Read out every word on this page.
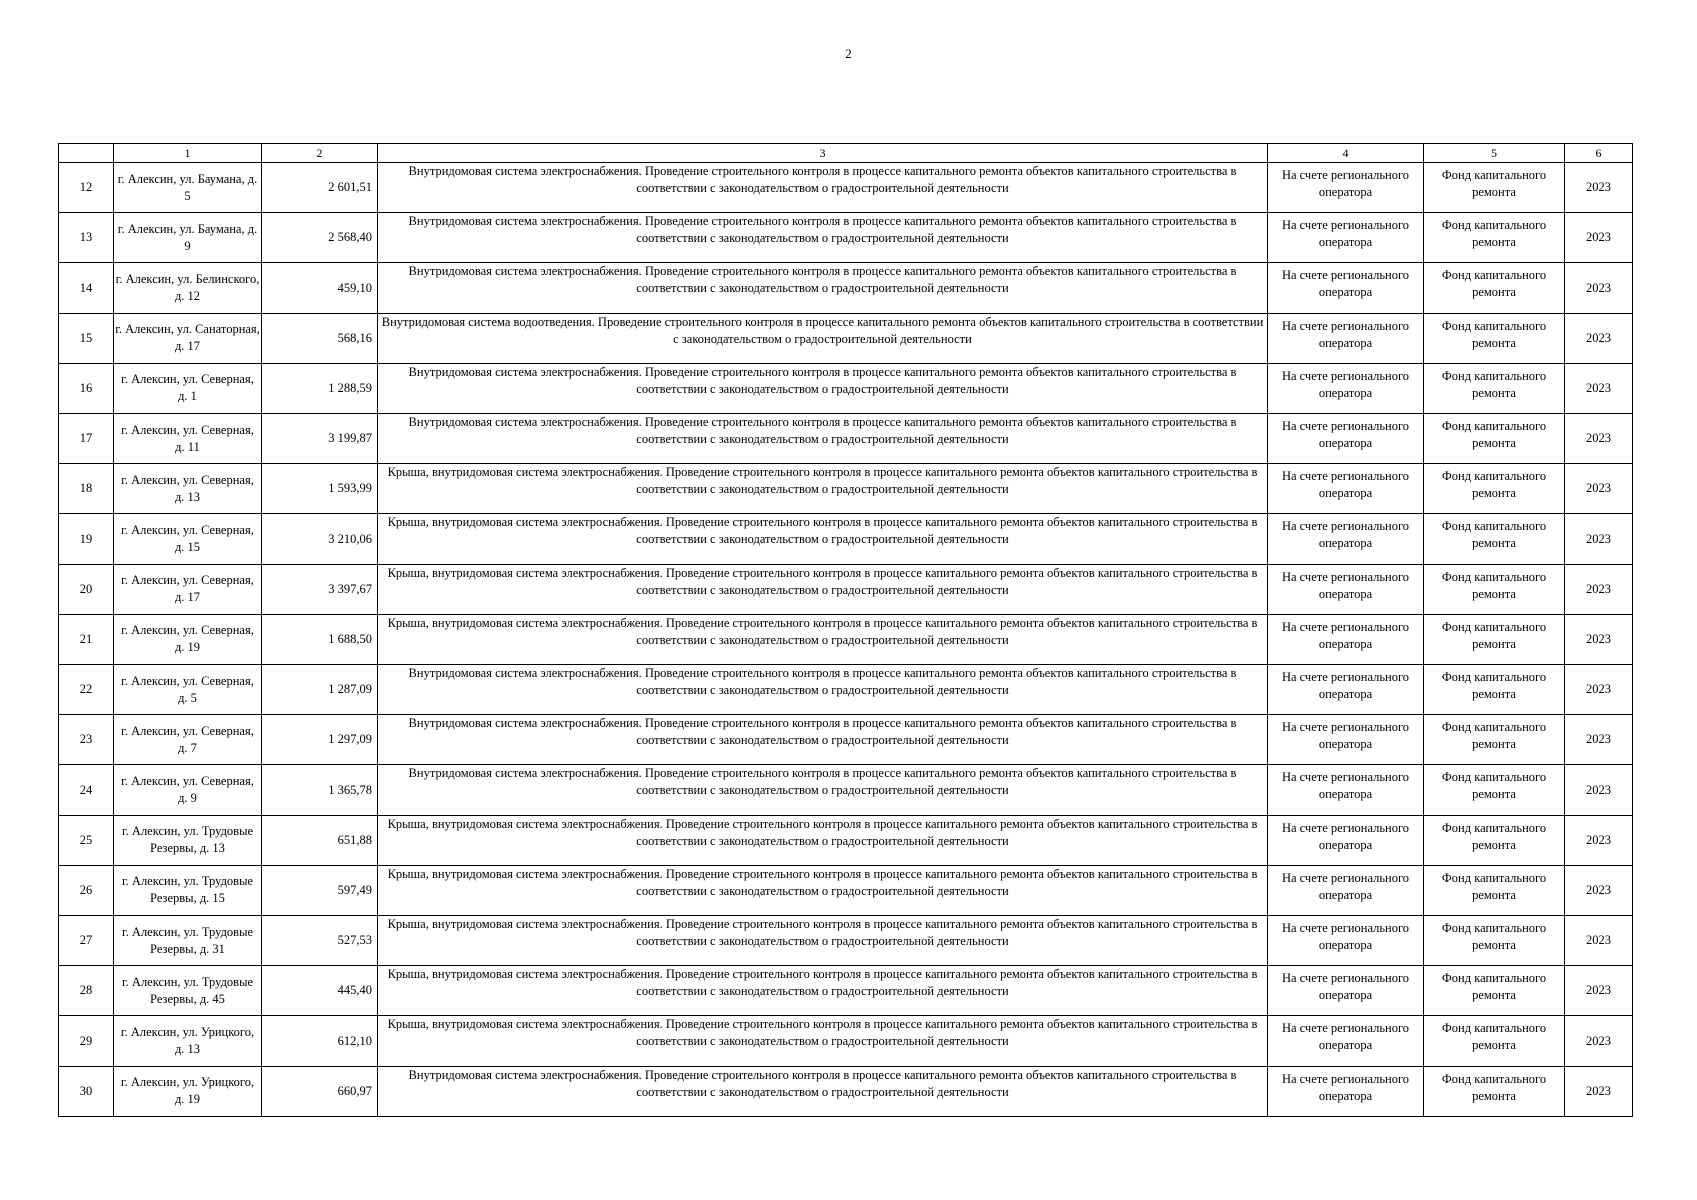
2
	1	2	3	4	5	6
12	г. Алексин, ул. Баумана, д. 5	2 601,51	Внутридомовая система электроснабжения. Проведение строительного контроля в процессе капитального ремонта объектов капитального строительства в соответствии с законодательством о градостроительной деятельности	На счете регионального оператора	Фонд капитального ремонта	2023
13	г. Алексин, ул. Баумана, д. 9	2 568,40	Внутридомовая система электроснабжения. Проведение строительного контроля в процессе капитального ремонта объектов капитального строительства в соответствии с законодательством о градостроительной деятельности	На счете регионального оператора	Фонд капитального ремонта	2023
14	г. Алексин, ул. Белинского, д. 12	459,10	Внутридомовая система электроснабжения. Проведение строительного контроля в процессе капитального ремонта объектов капитального строительства в соответствии с законодательством о градостроительной деятельности	На счете регионального оператора	Фонд капитального ремонта	2023
15	г. Алексин, ул. Санаторная, д. 17	568,16	Внутридомовая система водоотведения. Проведение строительного контроля в процессе капитального ремонта объектов капитального строительства в соответствии с законодательством о градостроительной деятельности	На счете регионального оператора	Фонд капитального ремонта	2023
16	г. Алексин, ул. Северная, д. 1	1 288,59	Внутридомовая система электроснабжения. Проведение строительного контроля в процессе капитального ремонта объектов капитального строительства в соответствии с законодательством о градостроительной деятельности	На счете регионального оператора	Фонд капитального ремонта	2023
17	г. Алексин, ул. Северная, д. 11	3 199,87	Внутридомовая система электроснабжения. Проведение строительного контроля в процессе капитального ремонта объектов капитального строительства в соответствии с законодательством о градостроительной деятельности	На счете регионального оператора	Фонд капитального ремонта	2023
18	г. Алексин, ул. Северная, д. 13	1 593,99	Крыша, внутридомовая система электроснабжения. Проведение строительного контроля в процессе капитального ремонта объектов капитального строительства в соответствии с законодательством о градостроительной деятельности	На счете регионального оператора	Фонд капитального ремонта	2023
19	г. Алексин, ул. Северная, д. 15	3 210,06	Крыша, внутридомовая система электроснабжения. Проведение строительного контроля в процессе капитального ремонта объектов капитального строительства в соответствии с законодательством о градостроительной деятельности	На счете регионального оператора	Фонд капитального ремонта	2023
20	г. Алексин, ул. Северная, д. 17	3 397,67	Крыша, внутридомовая система электроснабжения. Проведение строительного контроля в процессе капитального ремонта объектов капитального строительства в соответствии с законодательством о градостроительной деятельности	На счете регионального оператора	Фонд капитального ремонта	2023
21	г. Алексин, ул. Северная, д. 19	1 688,50	Крыша, внутридомовая система электроснабжения. Проведение строительного контроля в процессе капитального ремонта объектов капитального строительства в соответствии с законодательством о градостроительной деятельности	На счете регионального оператора	Фонд капитального ремонта	2023
22	г. Алексин, ул. Северная, д. 5	1 287,09	Внутридомовая система электроснабжения. Проведение строительного контроля в процессе капитального ремонта объектов капитального строительства в соответствии с законодательством о градостроительной деятельности	На счете регионального оператора	Фонд капитального ремонта	2023
23	г. Алексин, ул. Северная, д. 7	1 297,09	Внутридомовая система электроснабжения. Проведение строительного контроля в процессе капитального ремонта объектов капитального строительства в соответствии с законодательством о градостроительной деятельности	На счете регионального оператора	Фонд капитального ремонта	2023
24	г. Алексин, ул. Северная, д. 9	1 365,78	Внутридомовая система электроснабжения. Проведение строительного контроля в процессе капитального ремонта объектов капитального строительства в соответствии с законодательством о градостроительной деятельности	На счете регионального оператора	Фонд капитального ремонта	2023
25	г. Алексин, ул. Трудовые Резервы, д. 13	651,88	Крыша, внутридомовая система электроснабжения. Проведение строительного контроля в процессе капитального ремонта объектов капитального строительства в соответствии с законодательством о градостроительной деятельности	На счете регионального оператора	Фонд капитального ремонта	2023
26	г. Алексин, ул. Трудовые Резервы, д. 15	597,49	Крыша, внутридомовая система электроснабжения. Проведение строительного контроля в процессе капитального ремонта объектов капитального строительства в соответствии с законодательством о градостроительной деятельности	На счете регионального оператора	Фонд капитального ремонта	2023
27	г. Алексин, ул. Трудовые Резервы, д. 31	527,53	Крыша, внутридомовая система электроснабжения. Проведение строительного контроля в процессе капитального ремонта объектов капитального строительства в соответствии с законодательством о градостроительной деятельности	На счете регионального оператора	Фонд капитального ремонта	2023
28	г. Алексин, ул. Трудовые Резервы, д. 45	445,40	Крыша, внутридомовая система электроснабжения. Проведение строительного контроля в процессе капитального ремонта объектов капитального строительства в соответствии с законодательством о градостроительной деятельности	На счете регионального оператора	Фонд капитального ремонта	2023
29	г. Алексин, ул. Урицкого, д. 13	612,10	Крыша, внутридомовая система электроснабжения. Проведение строительного контроля в процессе капитального ремонта объектов капитального строительства в соответствии с законодательством о градостроительной деятельности	На счете регионального оператора	Фонд капитального ремонта	2023
30	г. Алексин, ул. Урицкого, д. 19	660,97	Внутридомовая система электроснабжения. Проведение строительного контроля в процессе капитального ремонта объектов капитального строительства в соответствии с законодательством о градостроительной деятельности	На счете регионального оператора	Фонд капитального ремонта	2023
